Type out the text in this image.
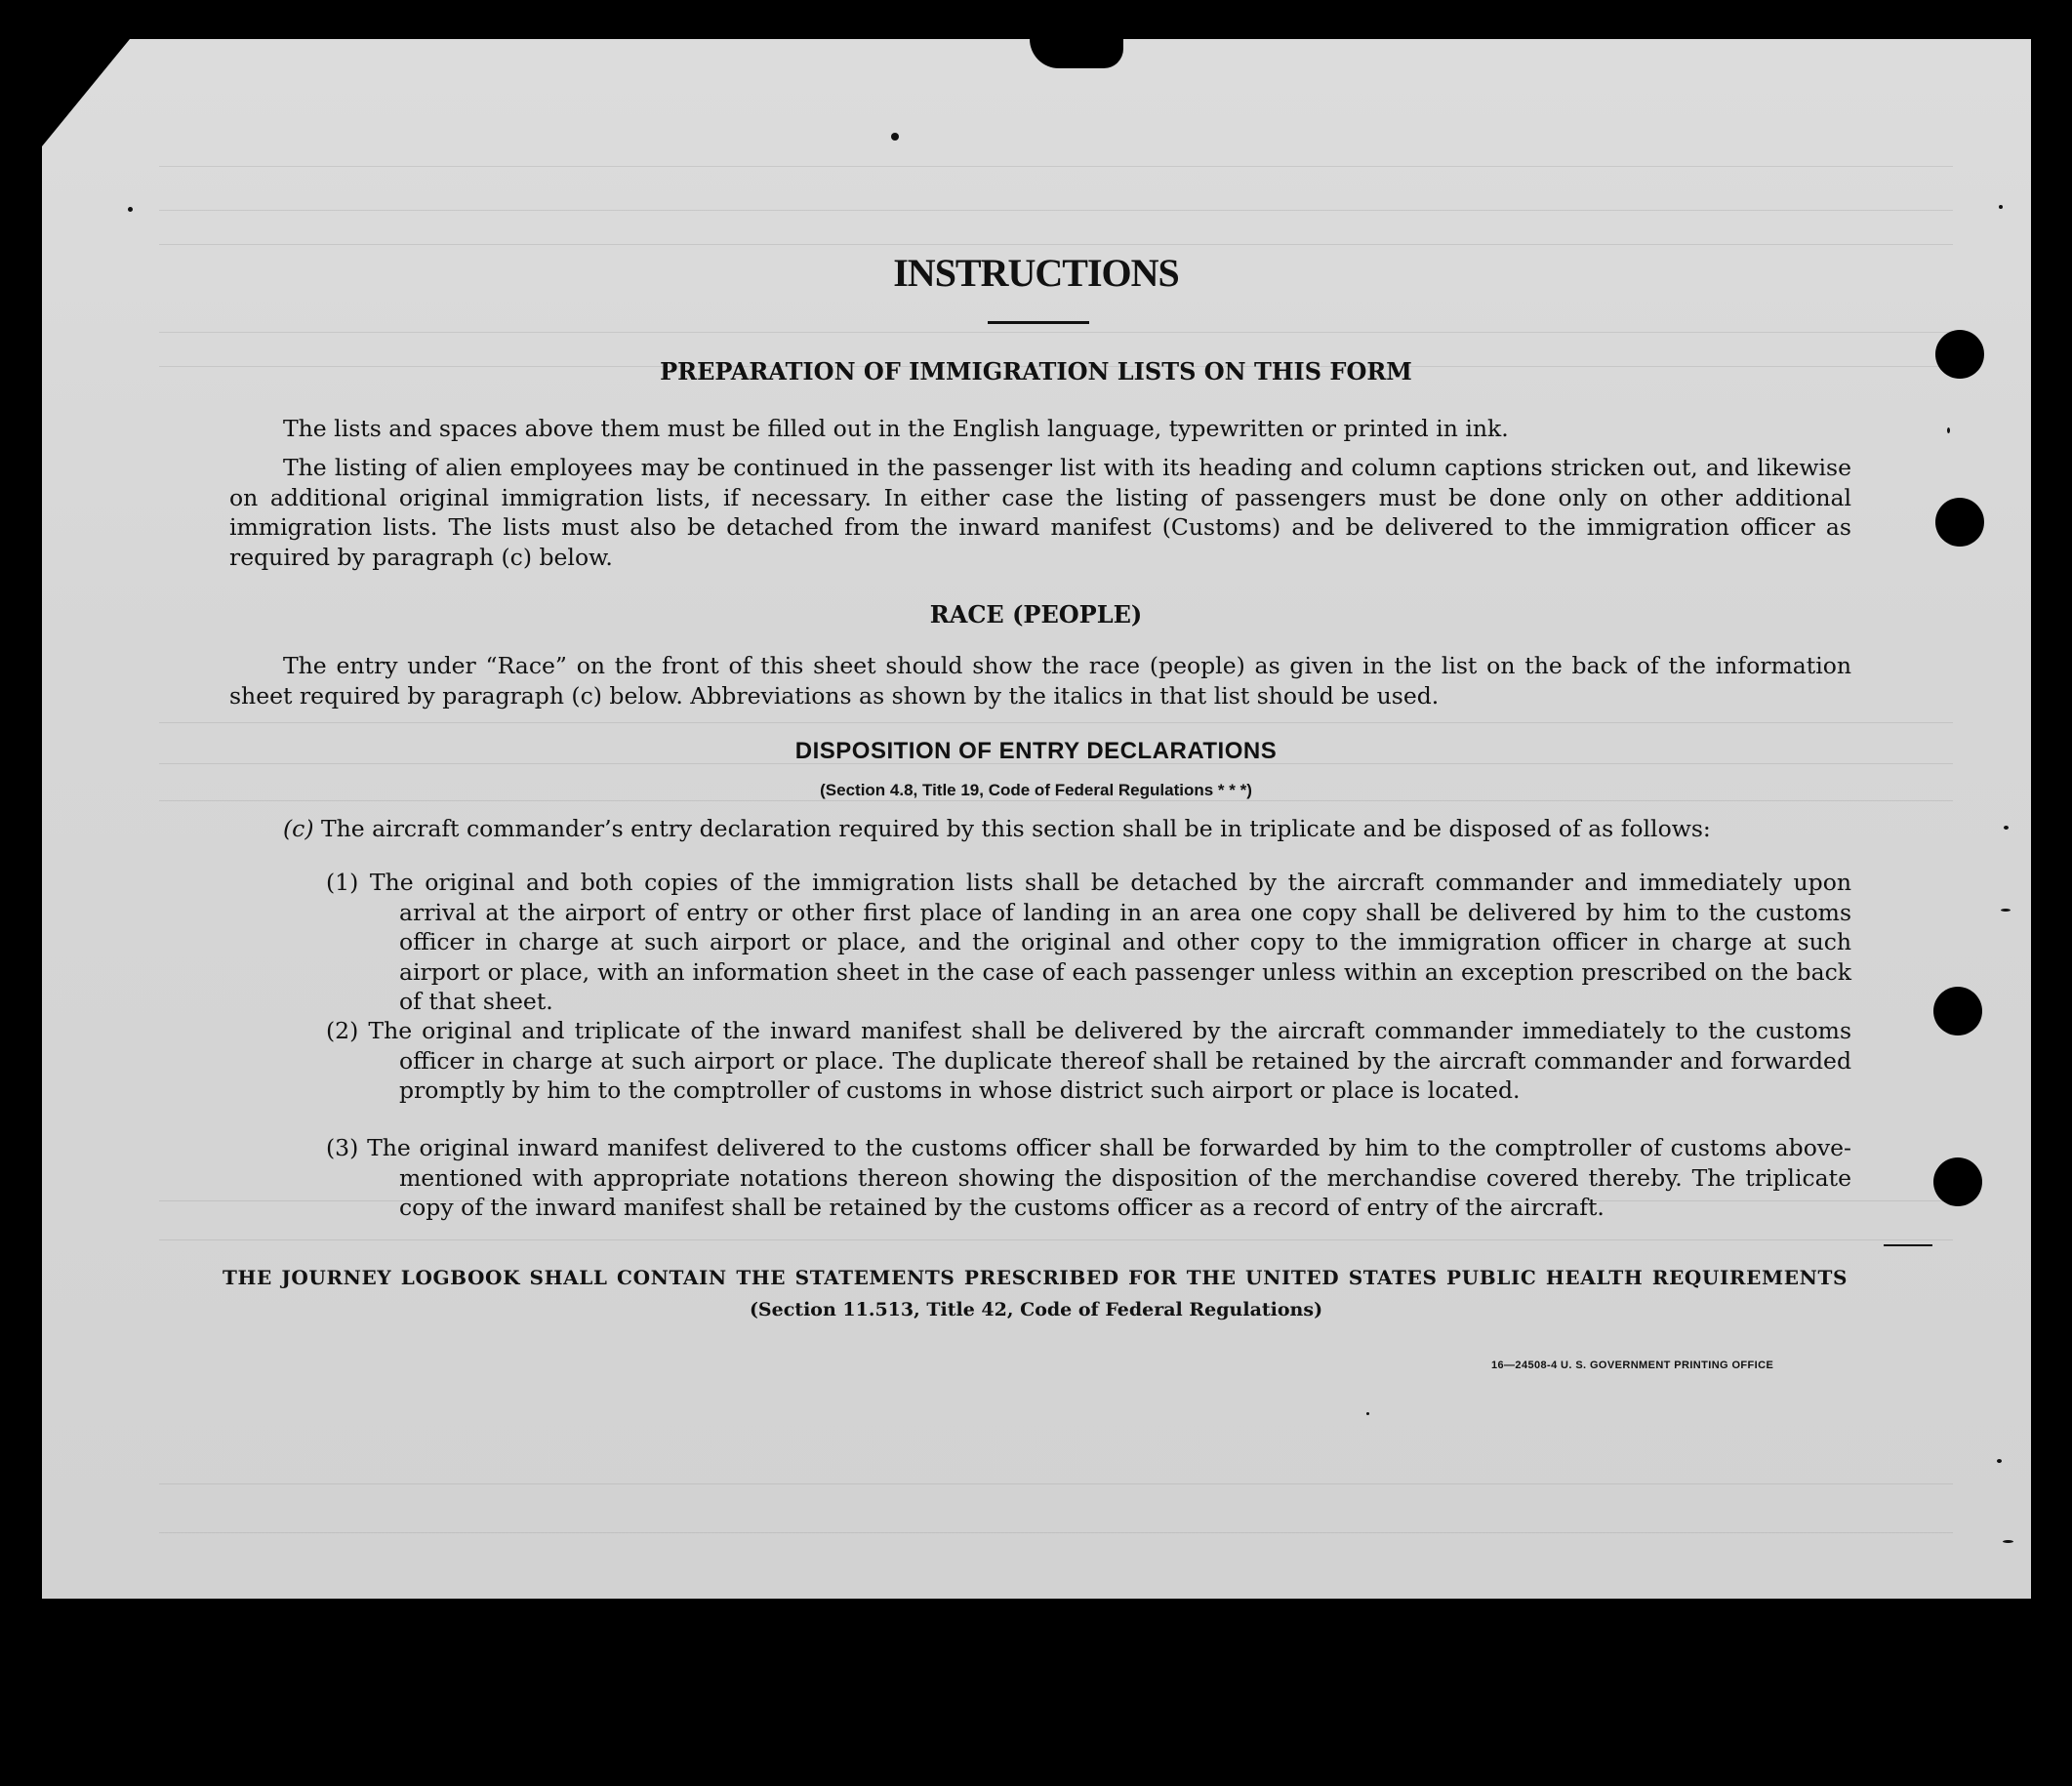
INSTRUCTIONS
PREPARATION OF IMMIGRATION LISTS ON THIS FORM
The lists and spaces above them must be filled out in the English language, typewritten or printed in ink.
The listing of alien employees may be continued in the passenger list with its heading and column captions stricken out, and likewise on additional original immigration lists, if necessary. In either case the listing of passengers must be done only on other additional immigration lists. The lists must also be detached from the inward manifest (Customs) and be delivered to the immigration officer as required by paragraph (c) below.
RACE (PEOPLE)
The entry under “Race” on the front of this sheet should show the race (people) as given in the list on the back of the information sheet required by paragraph (c) below. Abbreviations as shown by the italics in that list should be used.
DISPOSITION OF ENTRY DECLARATIONS
(Section 4.8, Title 19, Code of Federal Regulations * * *)
(c) The aircraft commander’s entry declaration required by this section shall be in triplicate and be disposed of as follows:
(1) The original and both copies of the immigration lists shall be detached by the aircraft commander and immediately upon arrival at the airport of entry or other first place of landing in an area one copy shall be delivered by him to the customs officer in charge at such airport or place, and the original and other copy to the immigration officer in charge at such airport or place, with an information sheet in the case of each passenger unless within an exception prescribed on the back of that sheet.
(2) The original and triplicate of the inward manifest shall be delivered by the aircraft commander immediately to the customs officer in charge at such airport or place. The duplicate thereof shall be retained by the aircraft commander and forwarded promptly by him to the comptroller of customs in whose district such airport or place is located.
(3) The original inward manifest delivered to the customs officer shall be forwarded by him to the comptroller of customs above-mentioned with appropriate notations thereon showing the disposition of the merchandise covered thereby. The triplicate copy of the inward manifest shall be retained by the customs officer as a record of entry of the aircraft.
THE JOURNEY LOGBOOK SHALL CONTAIN THE STATEMENTS PRESCRIBED FOR THE UNITED STATES PUBLIC HEALTH REQUIREMENTS
(Section 11.513, Title 42, Code of Federal Regulations)
16—24508-4 U. S. GOVERNMENT PRINTING OFFICE
